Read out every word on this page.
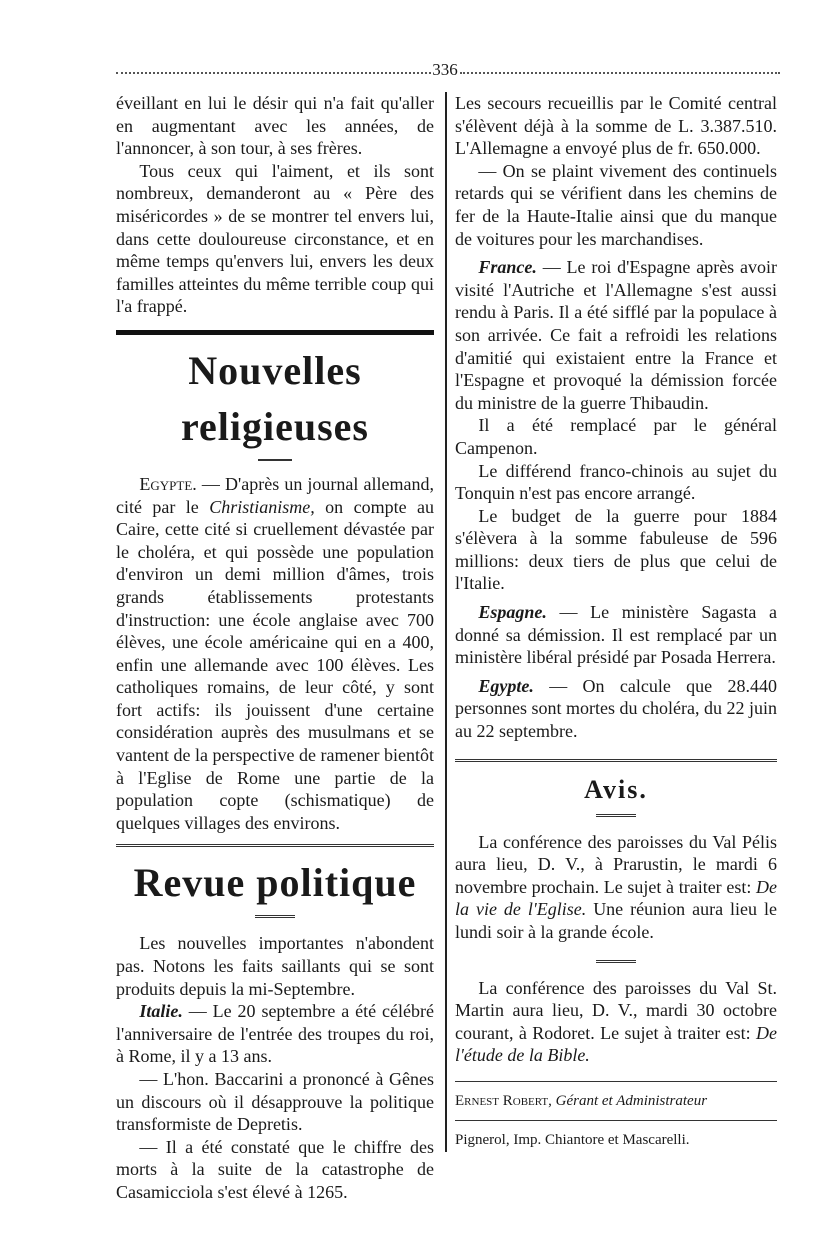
336

éveillant en lui le désir qui n'a fait qu'aller en augmentant avec les années, de l'annoncer, à son tour, à ses frères.

Tous ceux qui l'aiment, et ils sont nombreux, demanderont au « Père des miséricordes » de se montrer tel envers lui, dans cette douloureuse circonstance, et en même temps qu'envers lui, envers les deux familles atteintes du même terrible coup qui l'a frappé.

Nouvelles religieuses

Egypte. — D'après un journal allemand, cité par le Christianisme, on compte au Caire, cette cité si cruellement dévastée par le choléra, et qui possède une population d'environ un demi million d'âmes, trois grands établissements protestants d'instruction: une école anglaise avec 700 élèves, une école américaine qui en a 400, enfin une allemande avec 100 élèves. Les catholiques romains, de leur côté, y sont fort actifs: ils jouissent d'une certaine considération auprès des musulmans et se vantent de la perspective de ramener bientôt à l'Eglise de Rome une partie de la population copte (schismatique) de quelques villages des environs.

Revue politique

Les nouvelles importantes n'abondent pas. Notons les faits saillants qui se sont produits depuis la mi-Septembre.

Italie. — Le 20 septembre a été célébré l'anniversaire de l'entrée des troupes du roi, à Rome, il y a 13 ans.

— L'hon. Baccarini a prononcé à Gênes un discours où il désapprouve la politique transformiste de Depretis.

— Il a été constaté que le chiffre des morts à la suite de la catastrophe de Casamicciola s'est élevé à 1265.

Les secours recueillis par le Comité central s'élèvent déjà à la somme de L. 3.387.510. L'Allemagne a envoyé plus de fr. 650.000.

— On se plaint vivement des continuels retards qui se vérifient dans les chemins de fer de la Haute-Italie ainsi que du manque de voitures pour les marchandises.

France. — Le roi d'Espagne après avoir visité l'Autriche et l'Allemagne s'est aussi rendu à Paris. Il a été sifflé par la populace à son arrivée. Ce fait a refroidi les relations d'amitié qui existaient entre la France et l'Espagne et provoqué la démission forcée du ministre de la guerre Thibaudin.

Il a été remplacé par le général Campenon.

Le différend franco-chinois au sujet du Tonquin n'est pas encore arrangé.

Le budget de la guerre pour 1884 s'élèvera à la somme fabuleuse de 596 millions: deux tiers de plus que celui de l'Italie.

Espagne. — Le ministère Sagasta a donné sa démission. Il est remplacé par un ministère libéral présidé par Posada Herrera.

Egypte. — On calcule que 28.440 personnes sont mortes du choléra, du 22 juin au 22 septembre.

Avis.

La conférence des paroisses du Val Pélis aura lieu, D. V., à Prarustin, le mardi 6 novembre prochain. Le sujet à traiter est: De la vie de l'Eglise. Une réunion aura lieu le lundi soir à la grande école.

La conférence des paroisses du Val St. Martin aura lieu, D. V., mardi 30 octobre courant, à Rodoret. Le sujet à traiter est: De l'étude de la Bible.

Ernest Robert, Gérant et Administrateur

Pignerol, Imp. Chiantore et Mascarelli.
